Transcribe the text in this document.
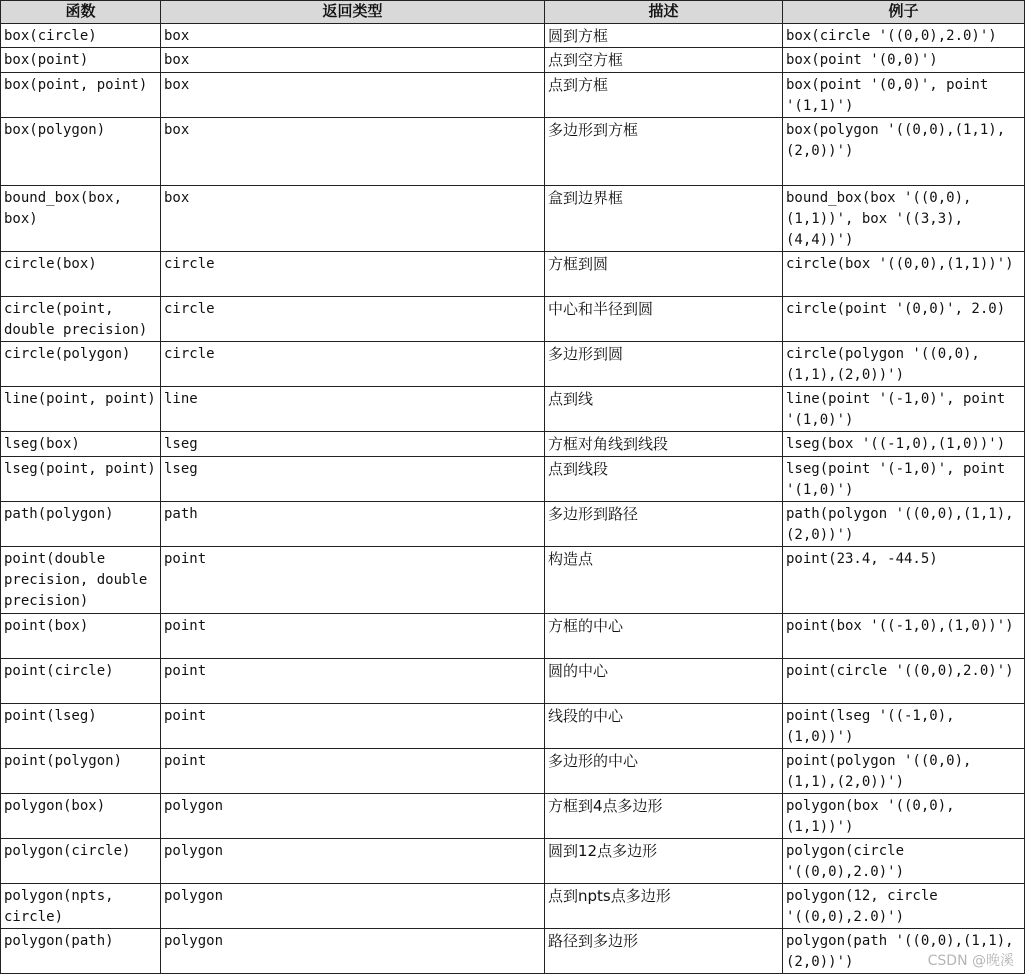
函数	返回类型	描述	例子
box(circle)	box	圆到方框	box(circle '((0,0),2.0)')
box(point)	box	点到空方框	box(point '(0,0)')
box(point, point)	box	点到方框	box(point '(0,0)', point '(1,1)')
box(polygon)	box	多边形到方框	box(polygon '((0,0),(1,1),(2,0))')
bound_box(box, box)	box	盒到边界框	bound_box(box '((0,0),(1,1))', box '((3,3),(4,4))')
circle(box)	circle	方框到圆	circle(box '((0,0),(1,1))')
circle(point, double precision)	circle	中心和半径到圆	circle(point '(0,0)', 2.0)
circle(polygon)	circle	多边形到圆	circle(polygon '((0,0),(1,1),(2,0))')
line(point, point)	line	点到线	line(point '(-1,0)', point '(1,0)')
lseg(box)	lseg	方框对角线到线段	lseg(box '((-1,0),(1,0))')
lseg(point, point)	lseg	点到线段	lseg(point '(-1,0)', point '(1,0)')
path(polygon)	path	多边形到路径	path(polygon '((0,0),(1,1),(2,0))')
point(double precision, double precision)	point	构造点	point(23.4, -44.5)
point(box)	point	方框的中心	point(box '((-1,0),(1,0))')
point(circle)	point	圆的中心	point(circle '((0,0),2.0)')
point(lseg)	point	线段的中心	point(lseg '((-1,0),(1,0))')
point(polygon)	point	多边形的中心	point(polygon '((0,0),(1,1),(2,0))')
polygon(box)	polygon	方框到4点多边形	polygon(box '((0,0),(1,1))')
polygon(circle)	polygon	圆到12点多边形	polygon(circle '((0,0),2.0)')
polygon(npts, circle)	polygon	点到npts点多边形	polygon(12, circle '((0,0),2.0)')
polygon(path)	polygon	路径到多边形	polygon(path '((0,0),(1,1),(2,0))')	CSDN @晚溪
